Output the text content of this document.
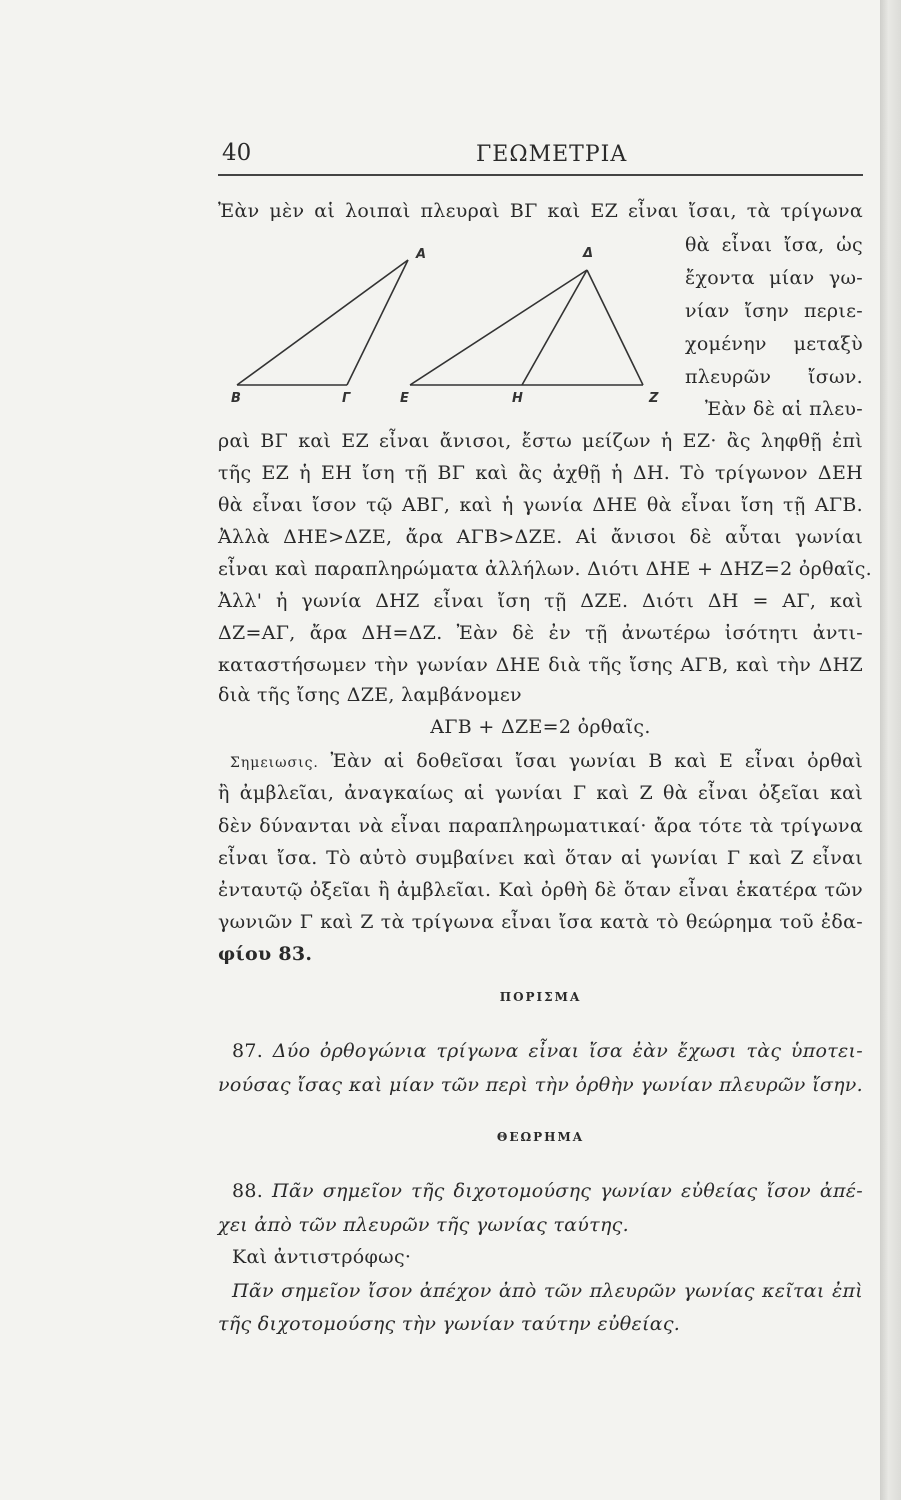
40	ΓΕΩΜΕΤΡΙΑ
Ἐὰν μὲν αἱ λοιπαὶ πλευραὶ ΒΓ καὶ ΕΖ εἶναι ἴσαι, τὰ τρίγωνα
θὰ εἶναι ἴσα, ὡς
ἔχοντα μίαν γω-
νίαν ἴσην περιε-
χομένην μεταξὺ
πλευρῶν ἴσων.
Ἐὰν δὲ αἱ πλευ-
Α
Β	Γ
Δ
Ε	Η	Ζ
ραὶ ΒΓ καὶ ΕΖ εἶναι ἄνισοι, ἔστω μείζων ἡ ΕΖ· ἂς ληφθῇ ἐπὶ
τῆς ΕΖ ἡ ΕΗ ἴση τῇ ΒΓ καὶ ἂς ἀχθῇ ἡ ΔΗ. Τὸ τρίγωνον ΔΕΗ
θὰ εἶναι ἴσον τῷ ΑΒΓ, καὶ ἡ γωνία ΔΗΕ θὰ εἶναι ἴση τῇ ΑΓΒ.
Ἀλλὰ ΔΗΕ>ΔΖΕ, ἄρα ΑΓΒ>ΔΖΕ. Αἱ ἄνισοι δὲ αὗται γωνίαι
εἶναι καὶ παραπληρώματα ἀλλήλων. Διότι ΔΗΕ + ΔΗΖ=2 ὀρθαῖς.
Ἀλλ' ἡ γωνία ΔΗΖ εἶναι ἴση τῇ ΔΖΕ. Διότι ΔΗ = ΑΓ, καὶ
ΔΖ=ΑΓ, ἄρα ΔΗ=ΔΖ. Ἐὰν δὲ ἐν τῇ ἀνωτέρω ἰσότητι ἀντι-
καταστήσωμεν τὴν γωνίαν ΔΗΕ διὰ τῆς ἴσης ΑΓΒ, καὶ τὴν ΔΗΖ
διὰ τῆς ἴσης ΔΖΕ, λαμβάνομεν
ΑΓΒ + ΔΖΕ=2 ὀρθαῖς.
Σημειωσις. Ἐὰν αἱ δοθεῖσαι ἴσαι γωνίαι Β καὶ Ε εἶναι ὀρθαὶ
ἢ ἀμβλεῖαι, ἀναγκαίως αἱ γωνίαι Γ καὶ Ζ θὰ εἶναι ὀξεῖαι καὶ
δὲν δύνανται νὰ εἶναι παραπληρωματικαί· ἄρα τότε τὰ τρίγωνα
εἶναι ἴσα. Τὸ αὐτὸ συμβαίνει καὶ ὅταν αἱ γωνίαι Γ καὶ Ζ εἶναι
ἐνταυτῷ ὀξεῖαι ἢ ἀμβλεῖαι. Καὶ ὀρθὴ δὲ ὅταν εἶναι ἑκατέρα τῶν
γωνιῶν Γ καὶ Ζ τὰ τρίγωνα εἶναι ἴσα κατὰ τὸ θεώρημα τοῦ ἐδα-
φίου 83.
ΠΟΡΙΣΜΑ
87. Δύο ὀρθογώνια τρίγωνα εἶναι ἴσα ἐὰν ἔχωσι τὰς ὑποτει-
νούσας ἴσας καὶ μίαν τῶν περὶ τὴν ὀρθὴν γωνίαν πλευρῶν ἴσην.
ΘΕΩΡΗΜΑ
88. Πᾶν σημεῖον τῆς διχοτομούσης γωνίαν εὐθείας ἴσον ἀπέ-
χει ἀπὸ τῶν πλευρῶν τῆς γωνίας ταύτης.
Καὶ ἀντιστρόφως·
Πᾶν σημεῖον ἴσον ἀπέχον ἀπὸ τῶν πλευρῶν γωνίας κεῖται ἐπὶ
τῆς διχοτομούσης τὴν γωνίαν ταύτην εὐθείας.
